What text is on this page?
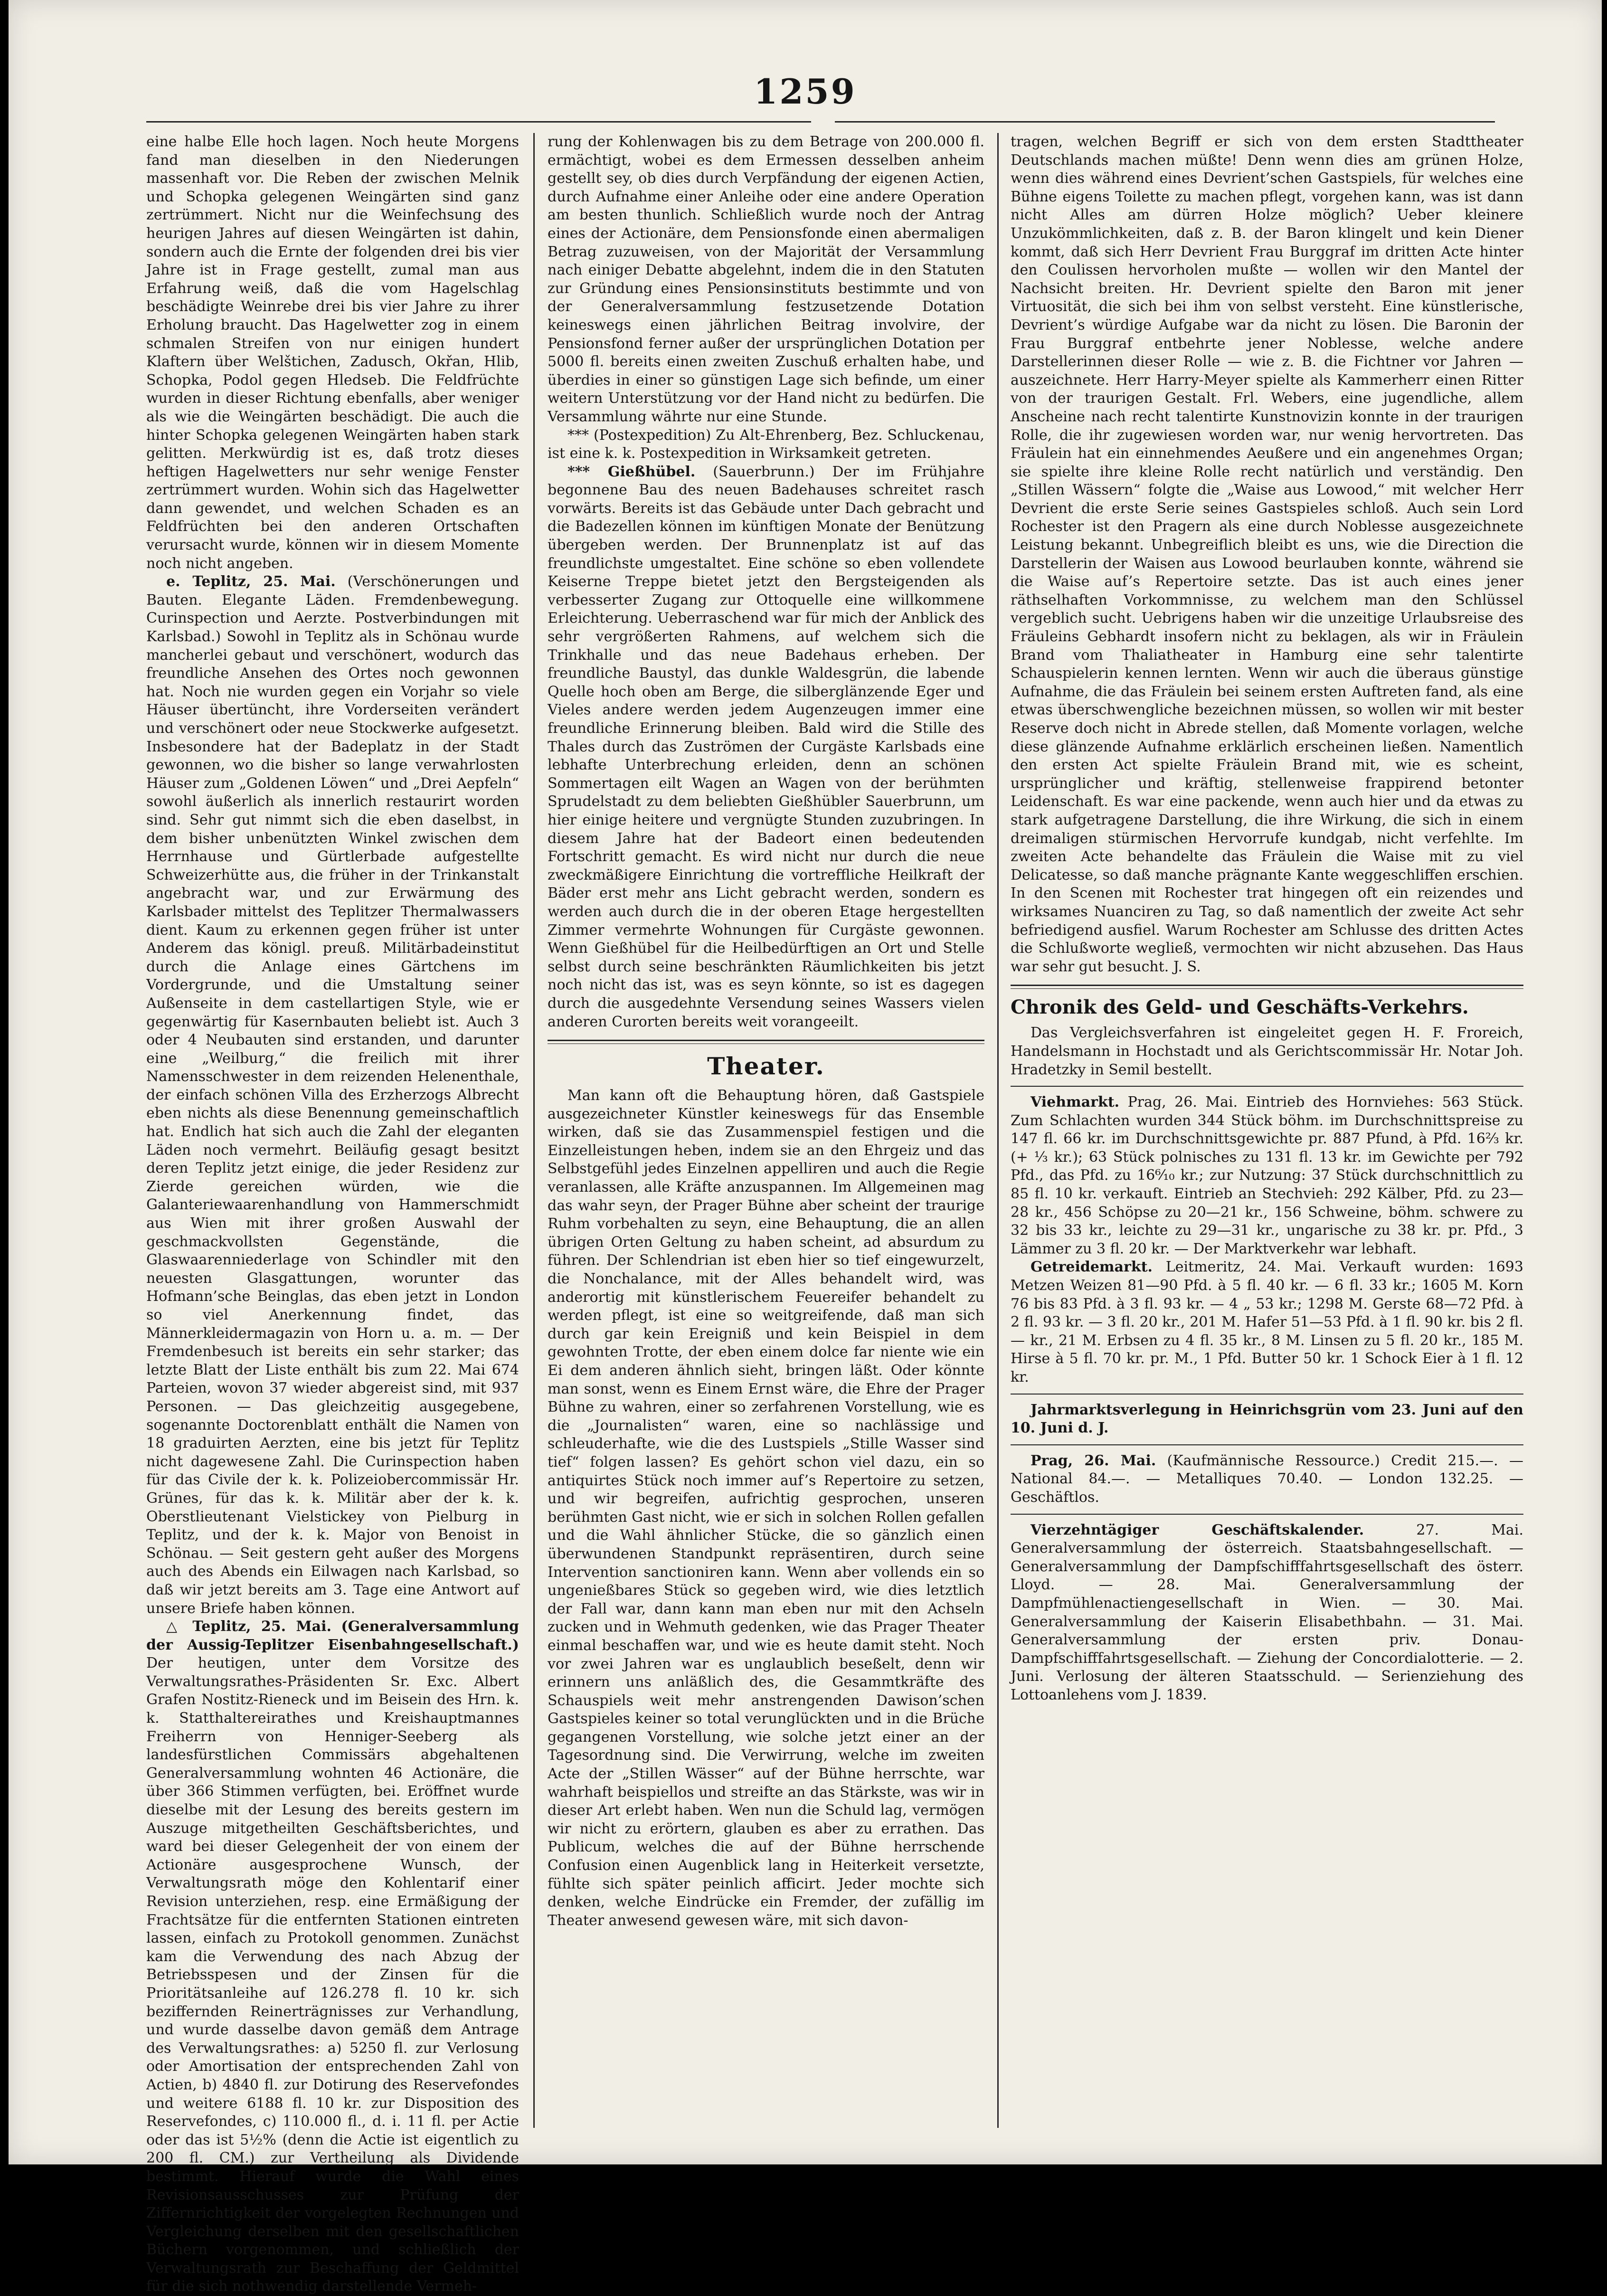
1259

eine halbe Elle hoch lagen. Noch heute Morgens fand man dieselben in den Niederungen massenhaft vor. Die Reben der zwischen Melnik und Schopka gelegenen Weingärten sind ganz zertrümmert. Nicht nur die Weinfechsung des heurigen Jahres auf diesen Weingärten ist dahin, sondern auch die Ernte der folgenden drei bis vier Jahre ist in Frage gestellt, zumal man aus Erfahrung weiß, daß die vom Hagelschlag beschädigte Weinrebe drei bis vier Jahre zu ihrer Erholung braucht. Das Hagelwetter zog in einem schmalen Streifen von nur einigen hundert Klaftern über Welštichen, Zadusch, Okřan, Hlib, Schopka, Podol gegen Hledseb. Die Feldfrüchte wurden in dieser Richtung ebenfalls, aber weniger als wie die Weingärten beschädigt. Die auch die hinter Schopka gelegenen Weingärten haben stark gelitten. Merkwürdig ist es, daß trotz dieses heftigen Hagelwetters nur sehr wenige Fenster zertrümmert wurden. Wohin sich das Hagelwetter dann gewendet, und welchen Schaden es an Feldfrüchten bei den anderen Ortschaften verursacht wurde, können wir in diesem Momente noch nicht angeben.

e. Teplitz, 25. Mai. (Verschönerungen und Bauten. Elegante Läden. Fremdenbewegung. Curinspection und Aerzte. Postverbindungen mit Karlsbad.) Sowohl in Teplitz als in Schönau wurde mancherlei gebaut und verschönert, wodurch das freundliche Ansehen des Ortes noch gewonnen hat. Noch nie wurden gegen ein Vorjahr so viele Häuser übertüncht, ihre Vorderseiten verändert und verschönert oder neue Stockwerke aufgesetzt. Insbesondere hat der Badeplatz in der Stadt gewonnen, wo die bisher so lange verwahrlosten Häuser zum „Goldenen Löwen“ und „Drei Aepfeln“ sowohl äußerlich als innerlich restaurirt worden sind. Sehr gut nimmt sich die eben daselbst, in dem bisher unbenützten Winkel zwischen dem Herrnhause und Gürtlerbade aufgestellte Schweizerhütte aus, die früher in der Trinkanstalt angebracht war, und zur Erwärmung des Karlsbader mittelst des Teplitzer Thermalwassers dient. Kaum zu erkennen gegen früher ist unter Anderem das königl. preuß. Militärbadeinstitut durch die Anlage eines Gärtchens im Vordergrunde, und die Umstaltung seiner Außenseite in dem castellartigen Style, wie er gegenwärtig für Kasernbauten beliebt ist. Auch 3 oder 4 Neubauten sind erstanden, und darunter eine „Weilburg,“ die freilich mit ihrer Namensschwester in dem reizenden Helenenthale, der einfach schönen Villa des Erzherzogs Albrecht eben nichts als diese Benennung gemeinschaftlich hat. Endlich hat sich auch die Zahl der eleganten Läden noch vermehrt. Beiläufig gesagt besitzt deren Teplitz jetzt einige, die jeder Residenz zur Zierde gereichen würden, wie die Galanteriewaarenhandlung von Hammerschmidt aus Wien mit ihrer großen Auswahl der geschmackvollsten Gegenstände, die Glaswaarenniederlage von Schindler mit den neuesten Glasgattungen, worunter das Hofmann’sche Beinglas, das eben jetzt in London so viel Anerkennung findet, das Männerkleidermagazin von Horn u. a. m. — Der Fremdenbesuch ist bereits ein sehr starker; das letzte Blatt der Liste enthält bis zum 22. Mai 674 Parteien, wovon 37 wieder abgereist sind, mit 937 Personen. — Das gleichzeitig ausgegebene, sogenannte Doctorenblatt enthält die Namen von 18 graduirten Aerzten, eine bis jetzt für Teplitz nicht dagewesene Zahl. Die Curinspection haben für das Civile der k. k. Polizeiobercommissär Hr. Grünes, für das k. k. Militär aber der k. k. Oberstlieutenant Vielstickey von Pielburg in Teplitz, und der k. k. Major von Benoist in Schönau. — Seit gestern geht außer des Morgens auch des Abends ein Eilwagen nach Karlsbad, so daß wir jetzt bereits am 3. Tage eine Antwort auf unsere Briefe haben können.

△ Teplitz, 25. Mai. (Generalversammlung der Aussig-Teplitzer Eisenbahngesellschaft.) Der heutigen, unter dem Vorsitze des Verwaltungsrathes-Präsidenten Sr. Exc. Albert Grafen Nostitz-Rieneck und im Beisein des Hrn. k. k. Statthaltereirathes und Kreishauptmannes Freiherrn von Henniger-Seeberg als landesfürstlichen Commissärs abgehaltenen Generalversammlung wohnten 46 Actionäre, die über 366 Stimmen verfügten, bei. Eröffnet wurde dieselbe mit der Lesung des bereits gestern im Auszuge mitgetheilten Geschäftsberichtes, und ward bei dieser Gelegenheit der von einem der Actionäre ausgesprochene Wunsch, der Verwaltungsrath möge den Kohlentarif einer Revision unterziehen, resp. eine Ermäßigung der Frachtsätze für die entfernten Stationen eintreten lassen, einfach zu Protokoll genommen. Zunächst kam die Verwendung des nach Abzug der Betriebsspesen und der Zinsen für die Prioritätsanleihe auf 126.278 fl. 10 kr. sich beziffernden Reinerträgnisses zur Verhandlung, und wurde dasselbe davon gemäß dem Antrage des Verwaltungsrathes: a) 5250 fl. zur Verlosung oder Amortisation der entsprechenden Zahl von Actien, b) 4840 fl. zur Dotirung des Reservefondes und weitere 6188 fl. 10 kr. zur Disposition des Reservefondes, c) 110.000 fl., d. i. 11 fl. per Actie oder das ist 5½% (denn die Actie ist eigentlich zu 200 fl. CM.) zur Vertheilung als Dividende bestimmt. Hierauf wurde die Wahl eines Revisionsausschusses zur Prüfung der Ziffernrichtigkeit der vorgelegten Rechnungen und Vergleichung derselben mit den gesellschaftlichen Büchern vorgenommen, und schließlich der Verwaltungsrath zur Beschaffung der Geldmittel für die sich nothwendig darstellende Vermeh-

rung der Kohlenwagen bis zu dem Betrage von 200.000 fl. ermächtigt, wobei es dem Ermessen desselben anheim gestellt sey, ob dies durch Verpfändung der eigenen Actien, durch Aufnahme einer Anleihe oder eine andere Operation am besten thunlich. Schließlich wurde noch der Antrag eines der Actionäre, dem Pensionsfonde einen abermaligen Betrag zuzuweisen, von der Majorität der Versammlung nach einiger Debatte abgelehnt, indem die in den Statuten zur Gründung eines Pensionsinstituts bestimmte und von der Generalversammlung festzusetzende Dotation keineswegs einen jährlichen Beitrag involvire, der Pensionsfond ferner außer der ursprünglichen Dotation per 5000 fl. bereits einen zweiten Zuschuß erhalten habe, und überdies in einer so günstigen Lage sich befinde, um einer weitern Unterstützung vor der Hand nicht zu bedürfen. Die Versammlung währte nur eine Stunde.

*** (Postexpedition) Zu Alt-Ehrenberg, Bez. Schluckenau, ist eine k. k. Postexpedition in Wirksamkeit getreten.

*** Gießhübel. (Sauerbrunn.) Der im Frühjahre begonnene Bau des neuen Badehauses schreitet rasch vorwärts. Bereits ist das Gebäude unter Dach gebracht und die Badezellen können im künftigen Monate der Benützung übergeben werden. Der Brunnenplatz ist auf das freundlichste umgestaltet. Eine schöne so eben vollendete Keiserne Treppe bietet jetzt den Bergsteigenden als verbesserter Zugang zur Ottoquelle eine willkommene Erleichterung. Ueberraschend war für mich der Anblick des sehr vergrößerten Rahmens, auf welchem sich die Trinkhalle und das neue Badehaus erheben. Der freundliche Baustyl, das dunkle Waldesgrün, die labende Quelle hoch oben am Berge, die silberglänzende Eger und Vieles andere werden jedem Augenzeugen immer eine freundliche Erinnerung bleiben. Bald wird die Stille des Thales durch das Zuströmen der Curgäste Karlsbads eine lebhafte Unterbrechung erleiden, denn an schönen Sommertagen eilt Wagen an Wagen von der berühmten Sprudelstadt zu dem beliebten Gießhübler Sauerbrunn, um hier einige heitere und vergnügte Stunden zuzubringen. In diesem Jahre hat der Badeort einen bedeutenden Fortschritt gemacht. Es wird nicht nur durch die neue zweckmäßigere Einrichtung die vortreffliche Heilkraft der Bäder erst mehr ans Licht gebracht werden, sondern es werden auch durch die in der oberen Etage hergestellten Zimmer vermehrte Wohnungen für Curgäste gewonnen. Wenn Gießhübel für die Heilbedürftigen an Ort und Stelle selbst durch seine beschränkten Räumlichkeiten bis jetzt noch nicht das ist, was es seyn könnte, so ist es dagegen durch die ausgedehnte Versendung seines Wassers vielen anderen Curorten bereits weit vorangeeilt.

Theater.

Man kann oft die Behauptung hören, daß Gastspiele ausgezeichneter Künstler keineswegs für das Ensemble wirken, daß sie das Zusammenspiel festigen und die Einzelleistungen heben, indem sie an den Ehrgeiz und das Selbstgefühl jedes Einzelnen appelliren und auch die Regie veranlassen, alle Kräfte anzuspannen. Im Allgemeinen mag das wahr seyn, der Prager Bühne aber scheint der traurige Ruhm vorbehalten zu seyn, eine Behauptung, die an allen übrigen Orten Geltung zu haben scheint, ad absurdum zu führen. Der Schlendrian ist eben hier so tief eingewurzelt, die Nonchalance, mit der Alles behandelt wird, was anderortig mit künstlerischem Feuereifer behandelt zu werden pflegt, ist eine so weitgreifende, daß man sich durch gar kein Ereigniß und kein Beispiel in dem gewohnten Trotte, der eben einem dolce far niente wie ein Ei dem anderen ähnlich sieht, bringen läßt. Oder könnte man sonst, wenn es Einem Ernst wäre, die Ehre der Prager Bühne zu wahren, einer so zerfahrenen Vorstellung, wie es die „Journalisten“ waren, eine so nachlässige und schleuderhafte, wie die des Lustspiels „Stille Wasser sind tief“ folgen lassen? Es gehört schon viel dazu, ein so antiquirtes Stück noch immer auf’s Repertoire zu setzen, und wir begreifen, aufrichtig gesprochen, unseren berühmten Gast nicht, wie er sich in solchen Rollen gefallen und die Wahl ähnlicher Stücke, die so gänzlich einen überwundenen Standpunkt repräsentiren, durch seine Intervention sanctioniren kann. Wenn aber vollends ein so ungenießbares Stück so gegeben wird, wie dies letztlich der Fall war, dann kann man eben nur mit den Achseln zucken und in Wehmuth gedenken, wie das Prager Theater einmal beschaffen war, und wie es heute damit steht. Noch vor zwei Jahren war es unglaublich beseßelt, denn wir erinnern uns anläßlich des, die Gesammtkräfte des Schauspiels weit mehr anstrengenden Dawison’schen Gastspieles keiner so total verunglückten und in die Brüche gegangenen Vorstellung, wie solche jetzt einer an der Tagesordnung sind. Die Verwirrung, welche im zweiten Acte der „Stillen Wässer“ auf der Bühne herrschte, war wahrhaft beispiellos und streifte an das Stärkste, was wir in dieser Art erlebt haben. Wen nun die Schuld lag, vermögen wir nicht zu erörtern, glauben es aber zu errathen. Das Publicum, welches die auf der Bühne herrschende Confusion einen Augenblick lang in Heiterkeit versetzte, fühlte sich später peinlich afficirt. Jeder mochte sich denken, welche Eindrücke ein Fremder, der zufällig im Theater anwesend gewesen wäre, mit sich davon-

tragen, welchen Begriff er sich von dem ersten Stadttheater Deutschlands machen müßte! Denn wenn dies am grünen Holze, wenn dies während eines Devrient’schen Gastspiels, für welches eine Bühne eigens Toilette zu machen pflegt, vorgehen kann, was ist dann nicht Alles am dürren Holze möglich? Ueber kleinere Unzukömmlichkeiten, daß z. B. der Baron klingelt und kein Diener kommt, daß sich Herr Devrient Frau Burggraf im dritten Acte hinter den Coulissen hervorholen mußte — wollen wir den Mantel der Nachsicht breiten. Hr. Devrient spielte den Baron mit jener Virtuosität, die sich bei ihm von selbst versteht. Eine künstlerische, Devrient’s würdige Aufgabe war da nicht zu lösen. Die Baronin der Frau Burggraf entbehrte jener Noblesse, welche andere Darstellerinnen dieser Rolle — wie z. B. die Fichtner vor Jahren — auszeichnete. Herr Harry-Meyer spielte als Kammerherr einen Ritter von der traurigen Gestalt. Frl. Webers, eine jugendliche, allem Anscheine nach recht talentirte Kunstnovizin konnte in der traurigen Rolle, die ihr zugewiesen worden war, nur wenig hervortreten. Das Fräulein hat ein einnehmendes Aeußere und ein angenehmes Organ; sie spielte ihre kleine Rolle recht natürlich und verständig. Den „Stillen Wässern“ folgte die „Waise aus Lowood,“ mit welcher Herr Devrient die erste Serie seines Gastspieles schloß. Auch sein Lord Rochester ist den Pragern als eine durch Noblesse ausgezeichnete Leistung bekannt. Unbegreiflich bleibt es uns, wie die Direction die Darstellerin der Waisen aus Lowood beurlauben konnte, während sie die Waise auf’s Repertoire setzte. Das ist auch eines jener räthselhaften Vorkommnisse, zu welchem man den Schlüssel vergeblich sucht. Uebrigens haben wir die unzeitige Urlaubsreise des Fräuleins Gebhardt insofern nicht zu beklagen, als wir in Fräulein Brand vom Thaliatheater in Hamburg eine sehr talentirte Schauspielerin kennen lernten. Wenn wir auch die überaus günstige Aufnahme, die das Fräulein bei seinem ersten Auftreten fand, als eine etwas überschwengliche bezeichnen müssen, so wollen wir mit bester Reserve doch nicht in Abrede stellen, daß Momente vorlagen, welche diese glänzende Aufnahme erklärlich erscheinen ließen. Namentlich den ersten Act spielte Fräulein Brand mit, wie es scheint, ursprünglicher und kräftig, stellenweise frappirend betonter Leidenschaft. Es war eine packende, wenn auch hier und da etwas zu stark aufgetragene Darstellung, die ihre Wirkung, die sich in einem dreimaligen stürmischen Hervorrufe kundgab, nicht verfehlte. Im zweiten Acte behandelte das Fräulein die Waise mit zu viel Delicatesse, so daß manche prägnante Kante weggeschliffen erschien. In den Scenen mit Rochester trat hingegen oft ein reizendes und wirksames Nuanciren zu Tag, so daß namentlich der zweite Act sehr befriedigend ausfiel. Warum Rochester am Schlusse des dritten Actes die Schlußworte wegließ, vermochten wir nicht abzusehen. Das Haus war sehr gut besucht. J. S.

Chronik des Geld- und Geschäfts-Verkehrs.

Das Vergleichsverfahren ist eingeleitet gegen H. F. Froreich, Handelsmann in Hochstadt und als Gerichtscommissär Hr. Notar Joh. Hradetzky in Semil bestellt.

Viehmarkt. Prag, 26. Mai. Eintrieb des Hornviehes: 563 Stück. Zum Schlachten wurden 344 Stück böhm. im Durchschnittspreise zu 147 fl. 66 kr. im Durchschnittsgewichte pr. 887 Pfund, à Pfd. 16⅔ kr. (+ ⅓ kr.); 63 Stück polnisches zu 131 fl. 13 kr. im Gewichte per 792 Pfd., das Pfd. zu 16⁶⁄₁₀ kr.; zur Nutzung: 37 Stück durchschnittlich zu 85 fl. 10 kr. verkauft. Eintrieb an Stechvieh: 292 Kälber, Pfd. zu 23—28 kr., 456 Schöpse zu 20—21 kr., 156 Schweine, böhm. schwere zu 32 bis 33 kr., leichte zu 29—31 kr., ungarische zu 38 kr. pr. Pfd., 3 Lämmer zu 3 fl. 20 kr. — Der Marktverkehr war lebhaft.

Getreidemarkt. Leitmeritz, 24. Mai. Verkauft wurden: 1693 Metzen Weizen 81—90 Pfd. à 5 fl. 40 kr. — 6 fl. 33 kr.; 1605 M. Korn 76 bis 83 Pfd. à 3 fl. 93 kr. — 4 „ 53 kr.; 1298 M. Gerste 68—72 Pfd. à 2 fl. 93 kr. — 3 fl. 20 kr., 201 M. Hafer 51—53 Pfd. à 1 fl. 90 kr. bis 2 fl. — kr., 21 M. Erbsen zu 4 fl. 35 kr., 8 M. Linsen zu 5 fl. 20 kr., 185 M. Hirse à 5 fl. 70 kr. pr. M., 1 Pfd. Butter 50 kr. 1 Schock Eier à 1 fl. 12 kr.

Jahrmarktsverlegung in Heinrichsgrün vom 23. Juni auf den 10. Juni d. J.

Prag, 26. Mai. (Kaufmännische Ressource.) Credit 215.—. — National 84.—. — Metalliques 70.40. — London 132.25. — Geschäftlos.

Vierzehntägiger Geschäftskalender.	27. Mai. Generalversammlung der österreich. Staatsbahngesellschaft. — Generalversammlung der Dampfschifffahrtsgesellschaft des österr. Lloyd. — 28. Mai. Generalversammlung der Dampfmühlenactiengesellschaft in Wien. — 30. Mai. Generalversammlung der Kaiserin Elisabethbahn. — 31. Mai. Generalversammlung der ersten priv. Donau-Dampfschifffahrtsgesellschaft. — Ziehung der Concordialotterie. — 2. Juni. Verlosung der älteren Staatsschuld. — Serienziehung des Lottoanlehens vom J. 1839.
